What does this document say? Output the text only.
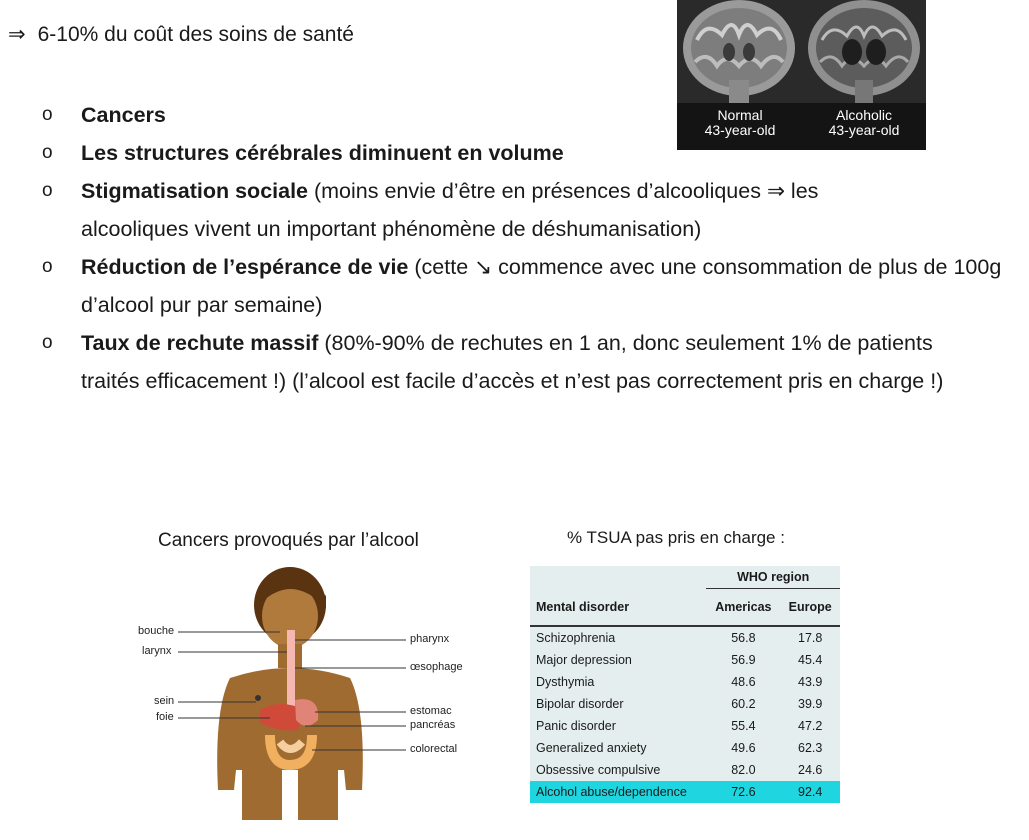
⇒ 6-10% du coût des soins de santé
Normal
43-year-old
Alcoholic
43-year-old
o Cancers
o Les structures cérébrales diminuent en volume
o Stigmatisation sociale (moins envie d’être en présences d’alcooliques ⇒ les alcooliques vivent un important phénomène de déshumanisation)
o Réduction de l’espérance de vie (cette ↘ commence avec une consommation de plus de 100g d’alcool pur par semaine)
o Taux de rechute massif (80%-90% de rechutes en 1 an, donc seulement 1% de patients traités efficacement !) (l’alcool est facile d’accès et n’est pas correctement pris en charge !)
Cancers provoqués par l’alcool
bouche
larynx
sein
foie
pharynx
œsophage
estomac
pancréas
colorectal
% TSUA pas pris en charge :
	WHO region	
Mental disorder	Americas	Europe
Schizophrenia	56.8	17.8
Major depression	56.9	45.4
Dysthymia	48.6	43.9
Bipolar disorder	60.2	39.9
Panic disorder	55.4	47.2
Generalized anxiety	49.6	62.3
Obsessive compulsive	82.0	24.6
Alcohol abuse/dependence	72.6	92.4
